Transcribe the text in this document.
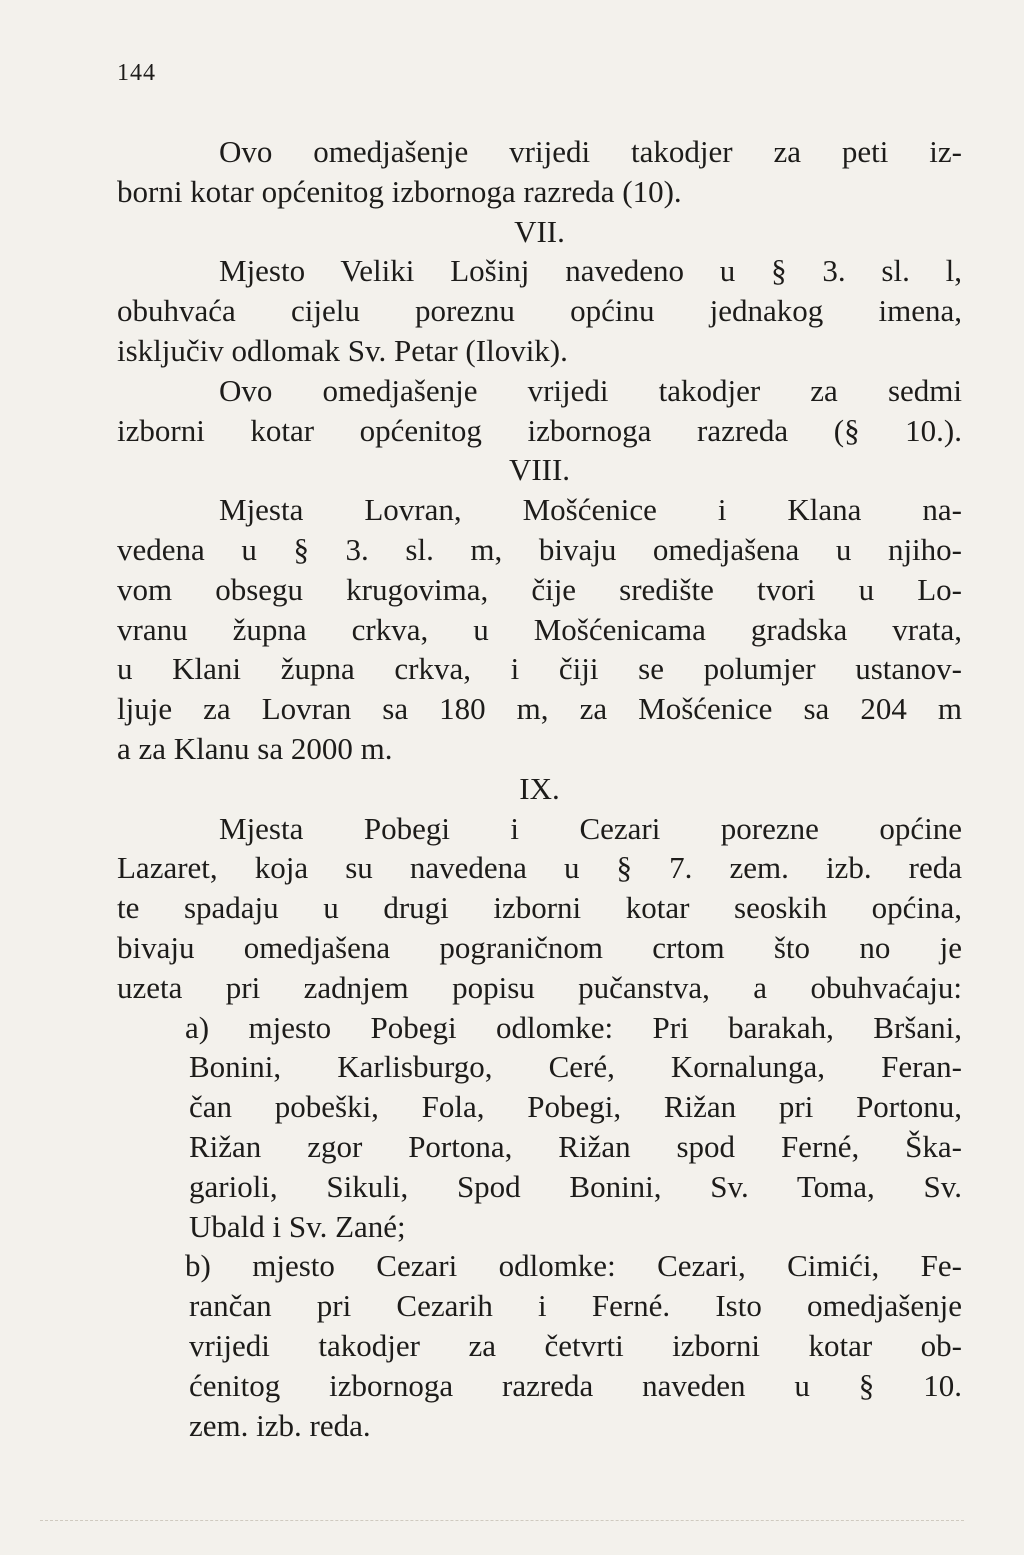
144
Ovo omedjašenje vrijedi takodjer za peti iz-
borni kotar općenitog izbornoga razreda (10).
VII.
Mjesto Veliki Lošinj navedeno u § 3. sl. l,
obuhvaća cijelu poreznu općinu jednakog imena,
isključiv odlomak Sv. Petar (Ilovik).
Ovo omedjašenje vrijedi takodjer za sedmi
izborni kotar općenitog izbornoga razreda (§ 10.).
VIII.
Mjesta Lovran, Mošćenice i Klana na-
vedena u § 3. sl. m, bivaju omedjašena u njiho-
vom obsegu krugovima, čije središte tvori u Lo-
vranu župna crkva, u Mošćenicama gradska vrata,
u Klani župna crkva, i čiji se polumjer ustanov-
ljuje za Lovran sa 180 m, za Mošćenice sa 204 m
a za Klanu sa 2000 m.
IX.
Mjesta Pobegi i Cezari porezne općine
Lazaret, koja su navedena u § 7. zem. izb. reda
te spadaju u drugi izborni kotar seoskih općina,
bivaju omedjašena pograničnom crtom što no je
uzeta pri zadnjem popisu pučanstva, a obuhvaćaju:
a) mjesto Pobegi odlomke: Pri barakah, Bršani,
Bonini, Karlisburgo, Ceré, Kornalunga, Feran-
čan pobeški, Fola, Pobegi, Rižan pri Portonu,
Rižan zgor Portona, Rižan spod Ferné, Ška-
garioli, Sikuli, Spod Bonini, Sv. Toma, Sv.
Ubald i Sv. Zané;
b) mjesto Cezari odlomke: Cezari, Cimići, Fe-
rančan pri Cezarih i Ferné. Isto omedjašenje
vrijedi takodjer za četvrti izborni kotar ob-
ćenitog izbornoga razreda naveden u § 10.
zem. izb. reda.
